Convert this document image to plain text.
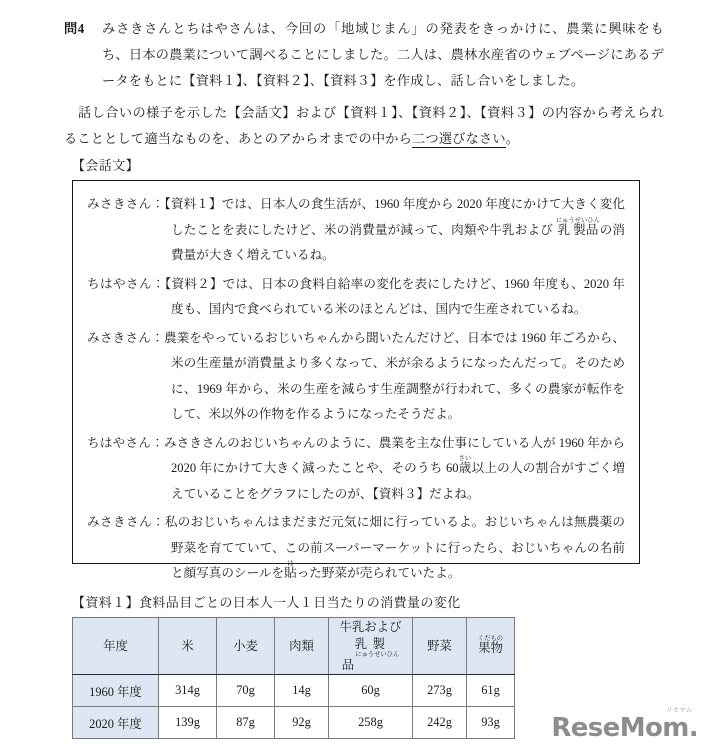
問4 みさきさんとちはやさんは、今回の「地域じまん」の発表をきっかけに、農業に興味をもち、日本の農業について調べることにしました。二人は、農林水産省のウェブページにあるデータをもとに【資料１】、【資料２】、【資料３】を作成し、話し合いをしました。

話し合いの様子を示した【会話文】および【資料１】、【資料２】、【資料３】の内容から考えられることとして適当なものを、あとのアからオまでの中から二つ選びなさい。

【会話文】
みさきさん：【資料１】では、日本人の食生活が、1960 年度から 2020 年度にかけて大きく変化したことを表にしたけど、米の消費量が減って、肉類や牛乳および 乳 製品にゅうせいひんの消費量が大きく増えているね。
ちはやさん：【資料２】では、日本の食料自給率の変化を表にしたけど、1960 年度も、2020 年度も、国内で食べられている米のほとんどは、国内で生産されているね。
みさきさん：農業をやっているおじいちゃんから聞いたんだけど、日本では 1960 年ごろから、米の生産量が消費量より多くなって、米が余るようになったんだって。そのために、1969 年から、米の生産を減らす生産調整が行われて、多くの農家が転作をして、米以外の作物を作るようになったそうだよ。
ちはやさん：みさきさんのおじいちゃんのように、農業を主な仕事にしている人が 1960 年から 2020 年にかけて大きく減ったことや、そのうち 60歳さい以上の人の割合がすごく増えていることをグラフにしたのが、【資料３】だよね。
みさきさん：私のおじいちゃんはまだまだ元気に畑に行っているよ。おじいちゃんは無農薬の野菜を育てていて、この前スーパーマーケットに行ったら、おじいちゃんの名前と顔写真のシールを貼はった野菜が売られていたよ。
【資料１】食料品目ごとの日本人一人１日当たりの消費量の変化
年度	米	小麦	肉類	牛乳および
乳 製品にゅうせいひん	野菜	果物くだもの
1960 年度	314g	70g	14g	60g	273g	61g
2020 年度	139g	87g	92g	258g	242g	93g
リセマム
ReseMom.
